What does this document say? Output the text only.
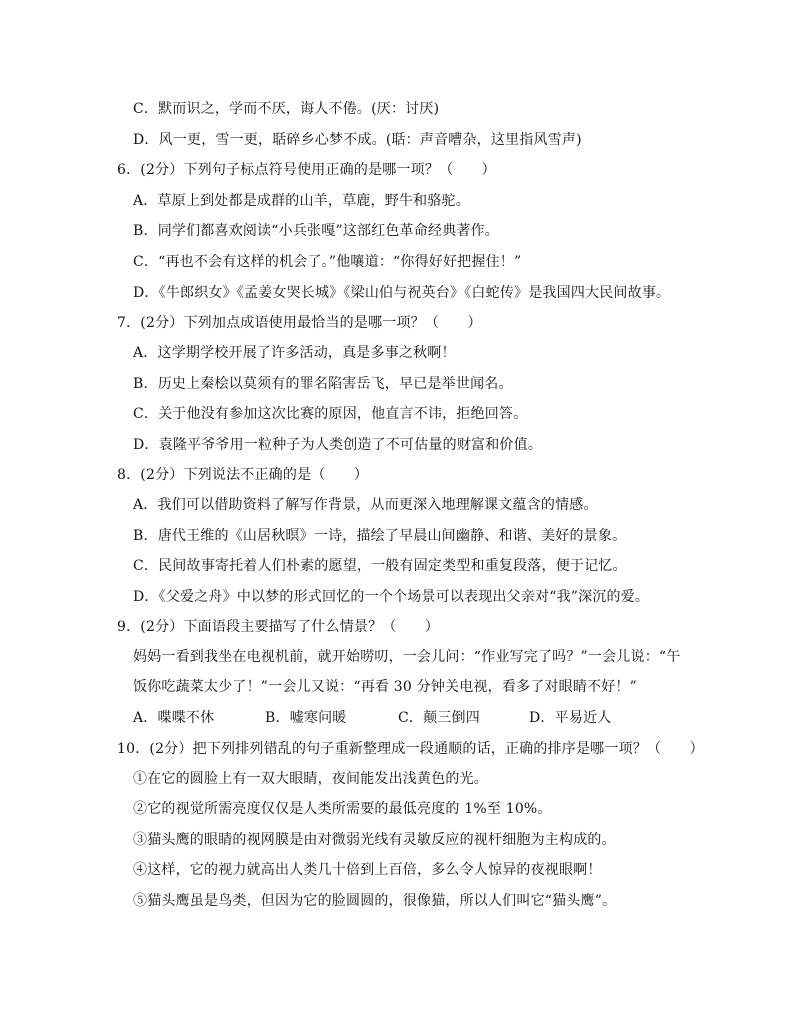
C．默而识之，学而不厌，诲人不倦。(厌：讨厌)
D．风一更，雪一更，聒碎乡心梦不成。(聒：声音嘈杂，这里指风雪声)
6．(2分）下列句子标点符号使用正确的是哪一项？（　　）
A．草原上到处都是成群的山羊，草鹿，野牛和骆驼。
B．同学们都喜欢阅读“小兵张嘎”这部红色革命经典著作。
C．“再也不会有这样的机会了。”他嚷道：“你得好好把握住！”
D．《牛郎织女》《孟姜女哭长城》《梁山伯与祝英台》《白蛇传》是我国四大民间故事。
7．(2分）下列加点成语使用最恰当的是哪一项？（　　）
A．这学期学校开展了许多活动，真是多事之秋啊！
B．历史上秦桧以莫须有的罪名陷害岳飞，早已是举世闻名。
C．关于他没有参加这次比赛的原因，他直言不讳，拒绝回答。
D．袁隆平爷爷用一粒种子为人类创造了不可估量的财富和价值。
8．(2分）下列说法不正确的是（　　）
A．我们可以借助资料了解写作背景，从而更深入地理解课文蕴含的情感。
B．唐代王维的《山居秋暝》一诗，描绘了早晨山间幽静、和谐、美好的景象。
C．民间故事寄托着人们朴素的愿望，一般有固定类型和重复段落，便于记忆。
D．《父爱之舟》中以梦的形式回忆的一个个场景可以表现出父亲对“我”深沉的爱。
9．(2分）下面语段主要描写了什么情景？（　　）
妈妈一看到我坐在电视机前，就开始唠叨，一会儿问：“作业写完了吗？”一会儿说：“午
饭你吃蔬菜太少了！”一会儿又说：“再看 30 分钟关电视，看多了对眼睛不好！”
A．喋喋不休	B．嘘寒问暖	C．颠三倒四	D．平易近人
10．(2分）把下列排列错乱的句子重新整理成一段通顺的话，正确的排序是哪一项？（　　）
①在它的圆脸上有一双大眼睛，夜间能发出浅黄色的光。
②它的视觉所需亮度仅仅是人类所需要的最低亮度的 1%至 10%。
③猫头鹰的眼睛的视网膜是由对微弱光线有灵敏反应的视杆细胞为主构成的。
④这样，它的视力就高出人类几十倍到上百倍，多么令人惊异的夜视眼啊！
⑤猫头鹰虽是鸟类，但因为它的脸圆圆的，很像猫，所以人们叫它“猫头鹰”。
